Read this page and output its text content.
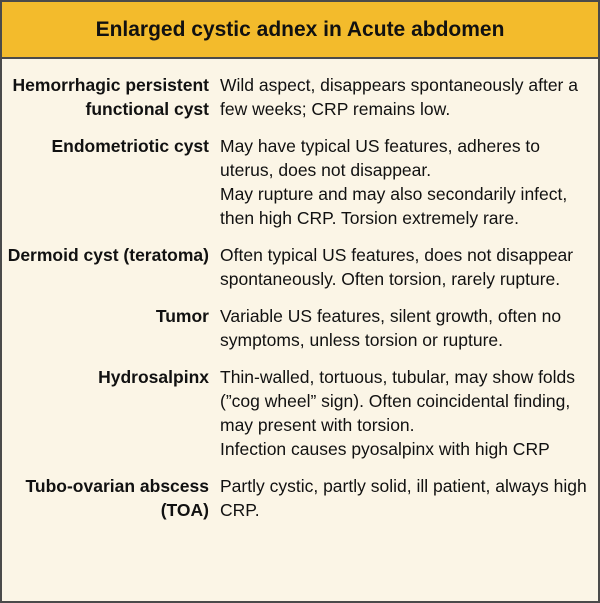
Enlarged cystic adnex in Acute abdomen
Hemorrhagic persistent functional cyst
Wild aspect, disappears spontaneously after a few weeks; CRP remains low.
Endometriotic cyst May have typical US features, adheres to uterus, does not disappear.
May rupture and may also secondarily infect, then high CRP. Torsion extremely rare.
Dermoid cyst (teratoma) Often typical US features, does not disappear spontaneously. Often torsion, rarely rupture.
Tumor Variable US features, silent growth, often no symptoms, unless torsion or rupture.
Hydrosalpinx Thin-walled, tortuous, tubular, may show folds (”cog wheel” sign). Often coincidental finding, may present with torsion.
Infection causes pyosalpinx with high CRP
Tubo-ovarian abscess (TOA)
Partly cystic, partly solid, ill patient, always high CRP.
